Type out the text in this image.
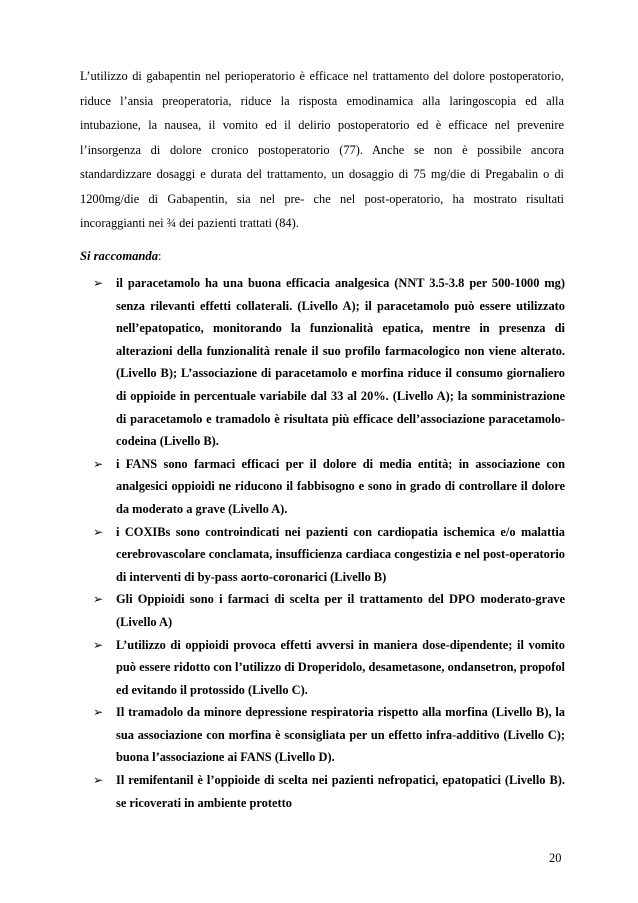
L’utilizzo di gabapentin nel perioperatorio è efficace nel trattamento del dolore postoperatorio, riduce l’ansia preoperatoria, riduce la risposta emodinamica alla laringoscopia ed alla intubazione, la nausea, il vomito ed il delirio postoperatorio ed è efficace nel prevenire l’insorgenza di dolore cronico postoperatorio (77). Anche se non è possibile ancora standardizzare dosaggi e durata del trattamento, un dosaggio di 75 mg/die di Pregabalin o di 1200mg/die di Gabapentin, sia nel pre- che nel post-operatorio, ha mostrato risultati incoraggianti nei ¾ dei pazienti trattati (84).

Si raccomanda:
➢ il paracetamolo ha una buona efficacia analgesica (NNT 3.5-3.8 per 500-1000 mg) senza rilevanti effetti collaterali. (Livello A); il paracetamolo può essere utilizzato nell’epatopatico, monitorando la funzionalità epatica, mentre in presenza di alterazioni della funzionalità renale il suo profilo farmacologico non viene alterato. (Livello B); L’associazione di paracetamolo e morfina riduce il consumo giornaliero di oppioide in percentuale variabile dal 33 al 20%. (Livello A); la somministrazione di paracetamolo e tramadolo è risultata più efficace dell’associazione paracetamolo-codeina (Livello B).
➢ i FANS sono farmaci efficaci per il dolore di media entità; in associazione con analgesici oppioidi ne riducono il fabbisogno e sono in grado di controllare il dolore da moderato a grave (Livello A).
➢ i COXIBs sono controindicati nei pazienti con cardiopatia ischemica e/o malattia cerebrovascolare conclamata, insufficienza cardiaca congestizia e nel post-operatorio di interventi di by-pass aorto-coronarici (Livello B)
➢ Gli Oppioidi sono i farmaci di scelta per il trattamento del DPO moderato-grave (Livello A)
➢ L’utilizzo di oppioidi provoca effetti avversi in maniera dose-dipendente; il vomito può essere ridotto con l’utilizzo di Droperidolo, desametasone, ondansetron, propofol ed evitando il protossido (Livello C).
➢ Il tramadolo da minore depressione respiratoria rispetto alla morfina (Livello B), la sua associazione con morfina è sconsigliata per un effetto infra-additivo (Livello C); buona l’associazione ai FANS (Livello D).
➢ Il remifentanil è l’oppioide di scelta nei pazienti nefropatici, epatopatici (Livello B). se ricoverati in ambiente protetto
20
